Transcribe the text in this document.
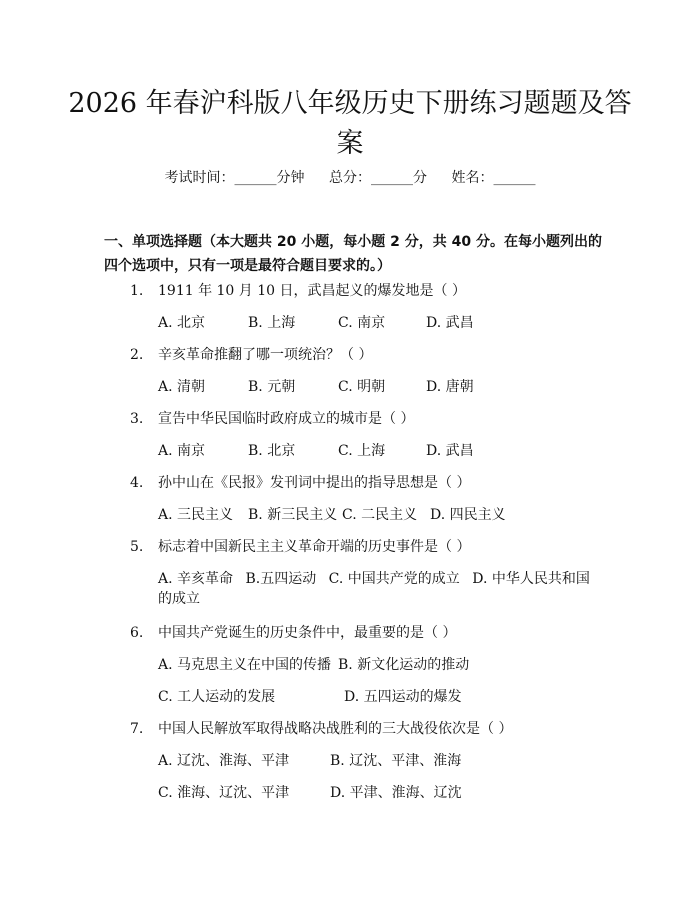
2026 年春沪科版八年级历史下册练习题题及答案
考试时间：______分钟 总分：______分 姓名：______
一、单项选择题（本大题共 20 小题，每小题 2 分，共 40 分。在每小题列出的四个选项中，只有一项是最符合题目要求的。）
1. 1911 年 10 月 10 日，武昌起义的爆发地是（ ）
A. 北京	B. 上海	C. 南京	D. 武昌
2. 辛亥革命推翻了哪一项统治？（ ）
A. 清朝	B. 元朝	C. 明朝	D. 唐朝
3. 宣告中华民国临时政府成立的城市是（ ）
A. 南京	B. 北京	C. 上海	D. 武昌
4. 孙中山在《民报》发刊词中提出的指导思想是（ ）
A. 三民主义 B. 新三民主义 C. 二民主义 D. 四民主义
5. 标志着中国新民主主义革命开端的历史事件是（ ）
A. 辛亥革命 B.五四运动 C. 中国共产党的成立 D. 中华人民共和国的成立
6. 中国共产党诞生的历史条件中，最重要的是（ ）
A. 马克思主义在中国的传播 B. 新文化运动的推动
C. 工人运动的发展	D. 五四运动的爆发
7. 中国人民解放军取得战略决战胜利的三大战役依次是（ ）
A. 辽沈、淮海、平津	B. 辽沈、平津、淮海
C. 淮海、辽沈、平津	D. 平津、淮海、辽沈
